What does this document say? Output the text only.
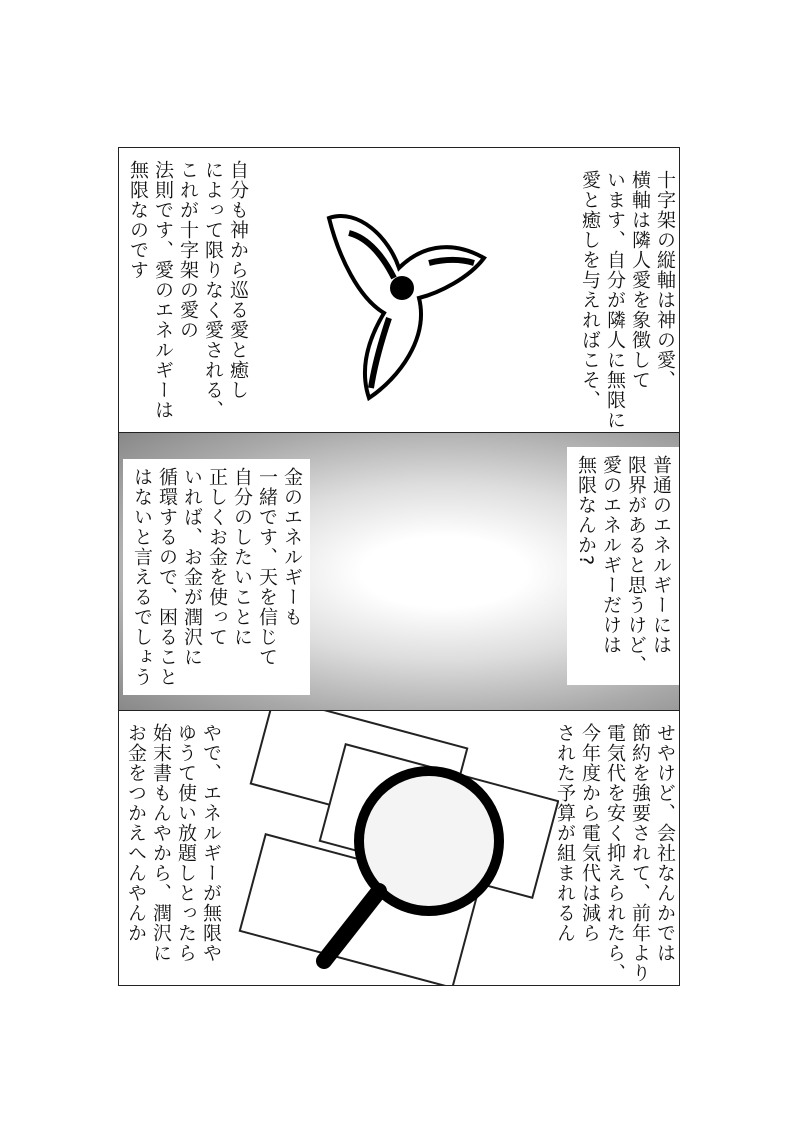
十字架の縦軸は神の愛、
横軸は隣人愛を象徴して
います、自分が隣人に無限に
愛と癒しを与えればこそ、
自分も神から巡る愛と癒し
によって限りなく愛される、
これが十字架の愛の
法則です、愛のエネルギーは
無限なのです
普通のエネルギーには
限界があると思うけど、
愛のエネルギーだけは
無限なんか?
金のエネルギーも
一緒です、天を信じて
自分のしたいことに
正しくお金を使って
いれば、お金が潤沢に
循環するので、困ること
はないと言えるでしょう
せやけど、会社なんかでは
節約を強要されて、前年より
電気代を安く抑えられたら、
今年度から電気代は減ら
された予算が組まれるん
やで、エネルギーが無限や
ゆうて使い放題しとったら
始末書もんやから、潤沢に
お金をつかえへんやんか
